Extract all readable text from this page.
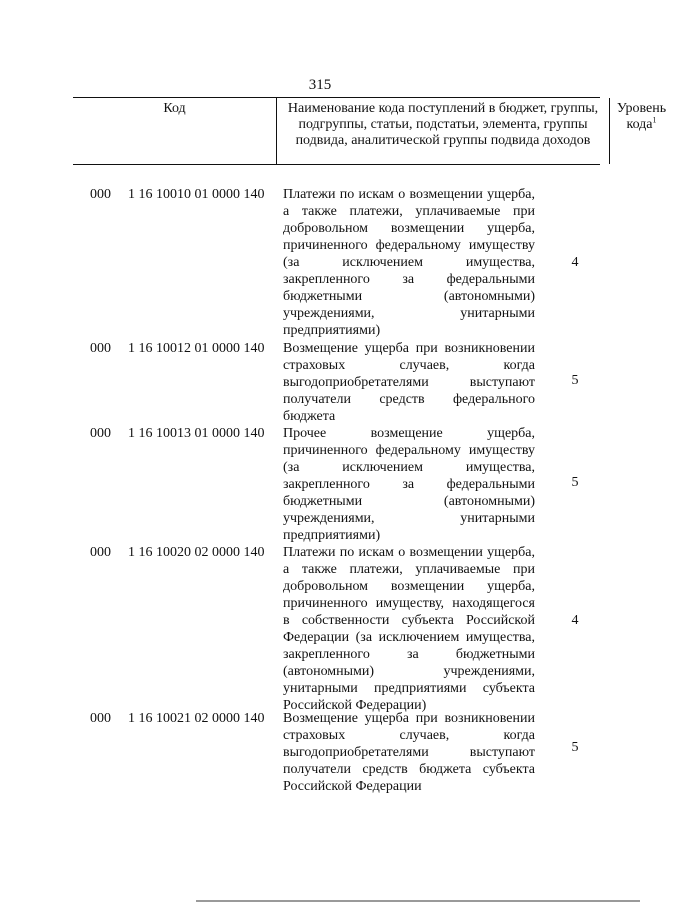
315
Код	Наименование кода поступлений в бюджет, группы, подгруппы, статьи, подстатьи, элемента, группы подвида, аналитической группы подвида доходов
Уровень кода$^1$
000 1 16 10010 01 0000 140 Платежи по искам о возмещении ущерба, а также платежи, уплачиваемые при добровольном возмещении ущерба, причиненного федеральному имуществу (за исключением имущества, закрепленного за федеральными бюджетными (автономными) учреждениями, унитарными предприятиями)
4
000 1 16 10012 01 0000 140 Возмещение ущерба при возникновении страховых случаев, когда выгодоприобретателями выступают получатели средств федерального бюджета
5
000 1 16 10013 01 0000 140 Прочее возмещение ущерба, причиненного федеральному имуществу (за исключением имущества, закрепленного за федеральными бюджетными (автономными) учреждениями, унитарными предприятиями)
5
000 1 16 10020 02 0000 140 Платежи по искам о возмещении ущерба, а также платежи, уплачиваемые при добровольном возмещении ущерба, причиненного имуществу, находящегося в собственности субъекта Российской Федерации (за исключением имущества, закрепленного за бюджетными (автономными) учреждениями, унитарными предприятиями субъекта Российской Федерации)
4
000 1 16 10021 02 0000 140 Возмещение ущерба при возникновении страховых случаев, когда выгодоприобретателями выступают получатели средств бюджета субъекта Российской Федерации
5
